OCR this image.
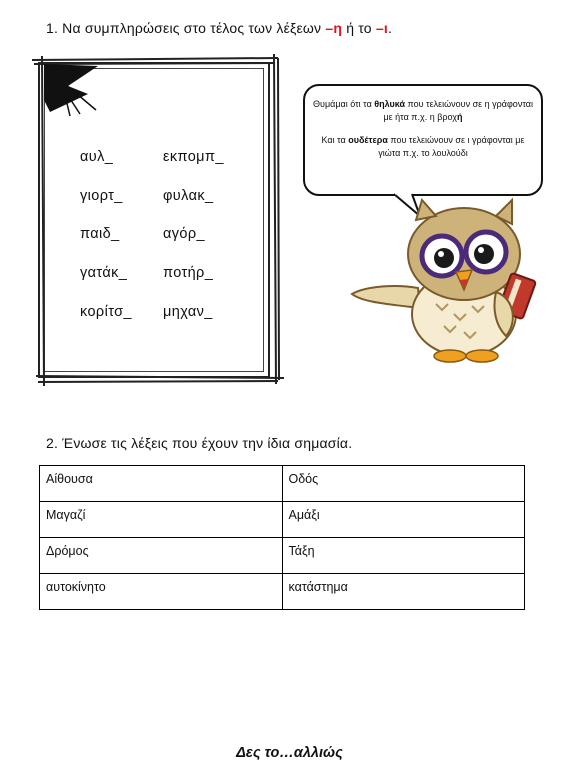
1. Να συμπληρώσεις στο τέλος των λέξεων –η ή το –ι.
αυλ_
γιορτ_
παιδ_
γατάκ_
κορίτσ_
εκπομπ_
φυλακ_
αγόρ_
ποτήρ_
μηχαν_

Θυμάμαι ότι τα θηλυκά που τελειώνουν σε η γράφονται με ήτα π.χ. η βροχή

Και τα ουδέτερα που τελειώνουν σε ι γράφονται με γιώτα π.χ. το λουλούδι

2. Ένωσε τις λέξεις που έχουν την ίδια σημασία.
Αίθουσα	Οδός
Μαγαζί	Αμάξι
Δρόμος	Τάξη
αυτοκίνητο	κατάστημα
Δες το…αλλιώς
